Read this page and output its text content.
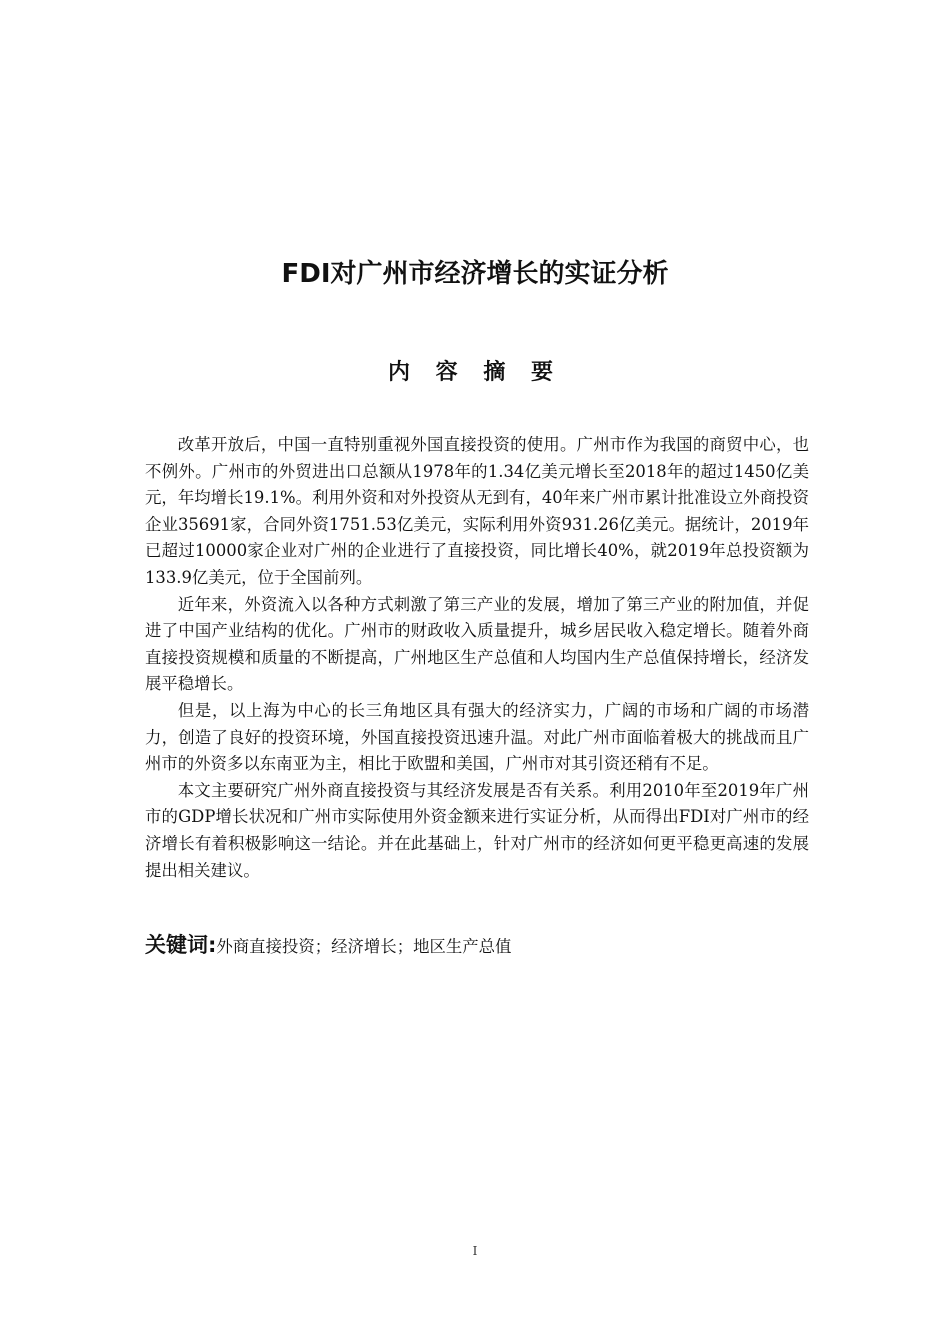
FDI对广州市经济增长的实证分析
内 容 摘 要

改革开放后，中国一直特别重视外国直接投资的使用。广州市作为我国的商贸中心，也不例外。广州市的外贸进出口总额从1978年的1.34亿美元增长至2018年的超过1450亿美元，年均增长19.1%。利用外资和对外投资从无到有，40年来广州市累计批准设立外商投资企业35691家，合同外资1751.53亿美元，实际利用外资931.26亿美元。据统计，2019年已超过10000家企业对广州的企业进行了直接投资，同比增长40%，就2019年总投资额为133.9亿美元，位于全国前列。

近年来，外资流入以各种方式刺激了第三产业的发展，增加了第三产业的附加值，并促进了中国产业结构的优化。广州市的财政收入质量提升，城乡居民收入稳定增长。随着外商直接投资规模和质量的不断提高，广州地区生产总值和人均国内生产总值保持增长，经济发展平稳增长。

但是，以上海为中心的长三角地区具有强大的经济实力，广阔的市场和广阔的市场潜力，创造了良好的投资环境，外国直接投资迅速升温。对此广州市面临着极大的挑战而且广州市的外资多以东南亚为主，相比于欧盟和美国，广州市对其引资还稍有不足。

本文主要研究广州外商直接投资与其经济发展是否有关系。利用2010年至2019年广州市的GDP增长状况和广州市实际使用外资金额来进行实证分析，从而得出FDI对广州市的经济增长有着积极影响这一结论。并在此基础上，针对广州市的经济如何更平稳更高速的发展提出相关建议。

关键词:外商直接投资；经济增长；地区生产总值
I
